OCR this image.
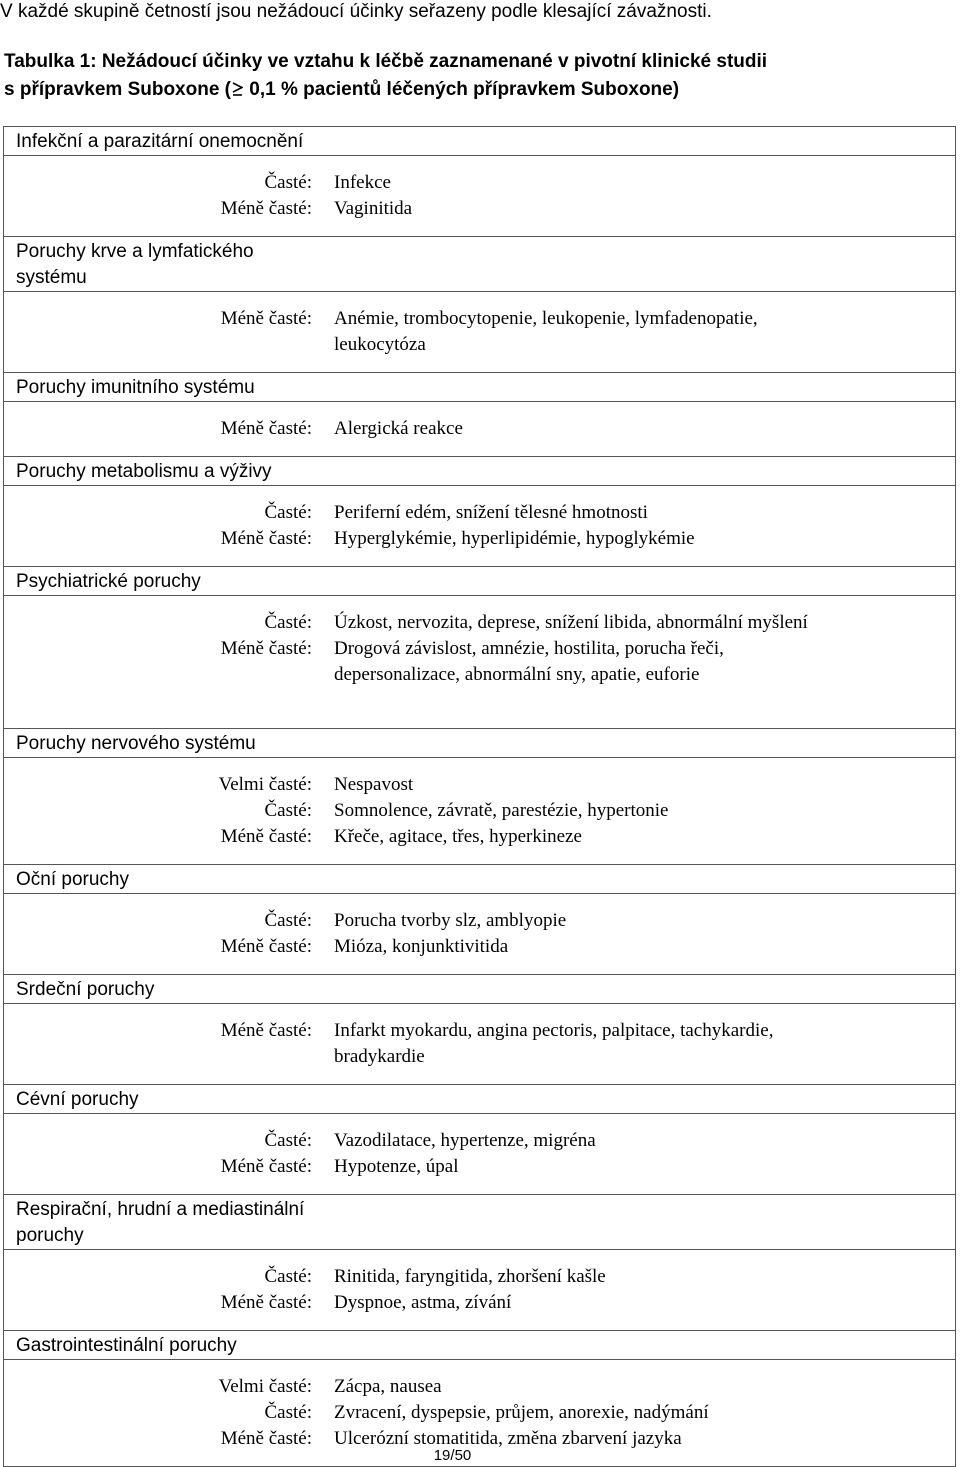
V každé skupině četností jsou nežádoucí účinky seřazeny podle klesající závažnosti.
Tabulka 1: Nežádoucí účinky ve vztahu k léčbě zaznamenané v pivotní klinické studii
s přípravkem Suboxone (
0,1 % pacientů léčených přípravkem Suboxone)
Infekční a parazitární onemocnění

Časté:	Infekce
Méně časté:	Vaginitida

Poruchy krve a lymfatického systému

Méně časté:	Anémie, trombocytopenie, leukopenie, lymfadenopatie,
leukocytóza

Poruchy imunitního systému

Méně časté:	Alergická reakce

Poruchy metabolismu a výživy

Časté:	Periferní edém, snížení tělesné hmotnosti
Méně časté:	Hyperglykémie, hyperlipidémie, hypoglykémie

Psychiatrické poruchy

Časté:	Úzkost, nervozita, deprese, snížení libida, abnormální myšlení
Méně časté:	Drogová závislost, amnézie, hostilita, porucha řeči,
depersonalizace, abnormální sny, apatie, euforie

Poruchy nervového systému

Velmi časté:	Nespavost
Časté:	Somnolence, závratě, parestézie, hypertonie
Méně časté:	Křeče, agitace, třes, hyperkineze

Oční poruchy

Časté:	Porucha tvorby slz, amblyopie
Méně časté:	Mióza, konjunktivitida

Srdeční poruchy

Méně časté:	Infarkt myokardu, angina pectoris, palpitace, tachykardie,
bradykardie

Cévní poruchy

Časté:	Vazodilatace, hypertenze, migréna
Méně časté:	Hypotenze, úpal

Respirační, hrudní a mediastinální poruchy

Časté:	Rinitida, faryngitida, zhoršení kašle
Méně časté:	Dyspnoe, astma, zívání

Gastrointestinální poruchy

Velmi časté:	Zácpa, nausea
Časté:	Zvracení, dyspepsie, průjem, anorexie, nadýmání
Méně časté:	Ulcerózní stomatitida, změna zbarvení jazyka
19/50
